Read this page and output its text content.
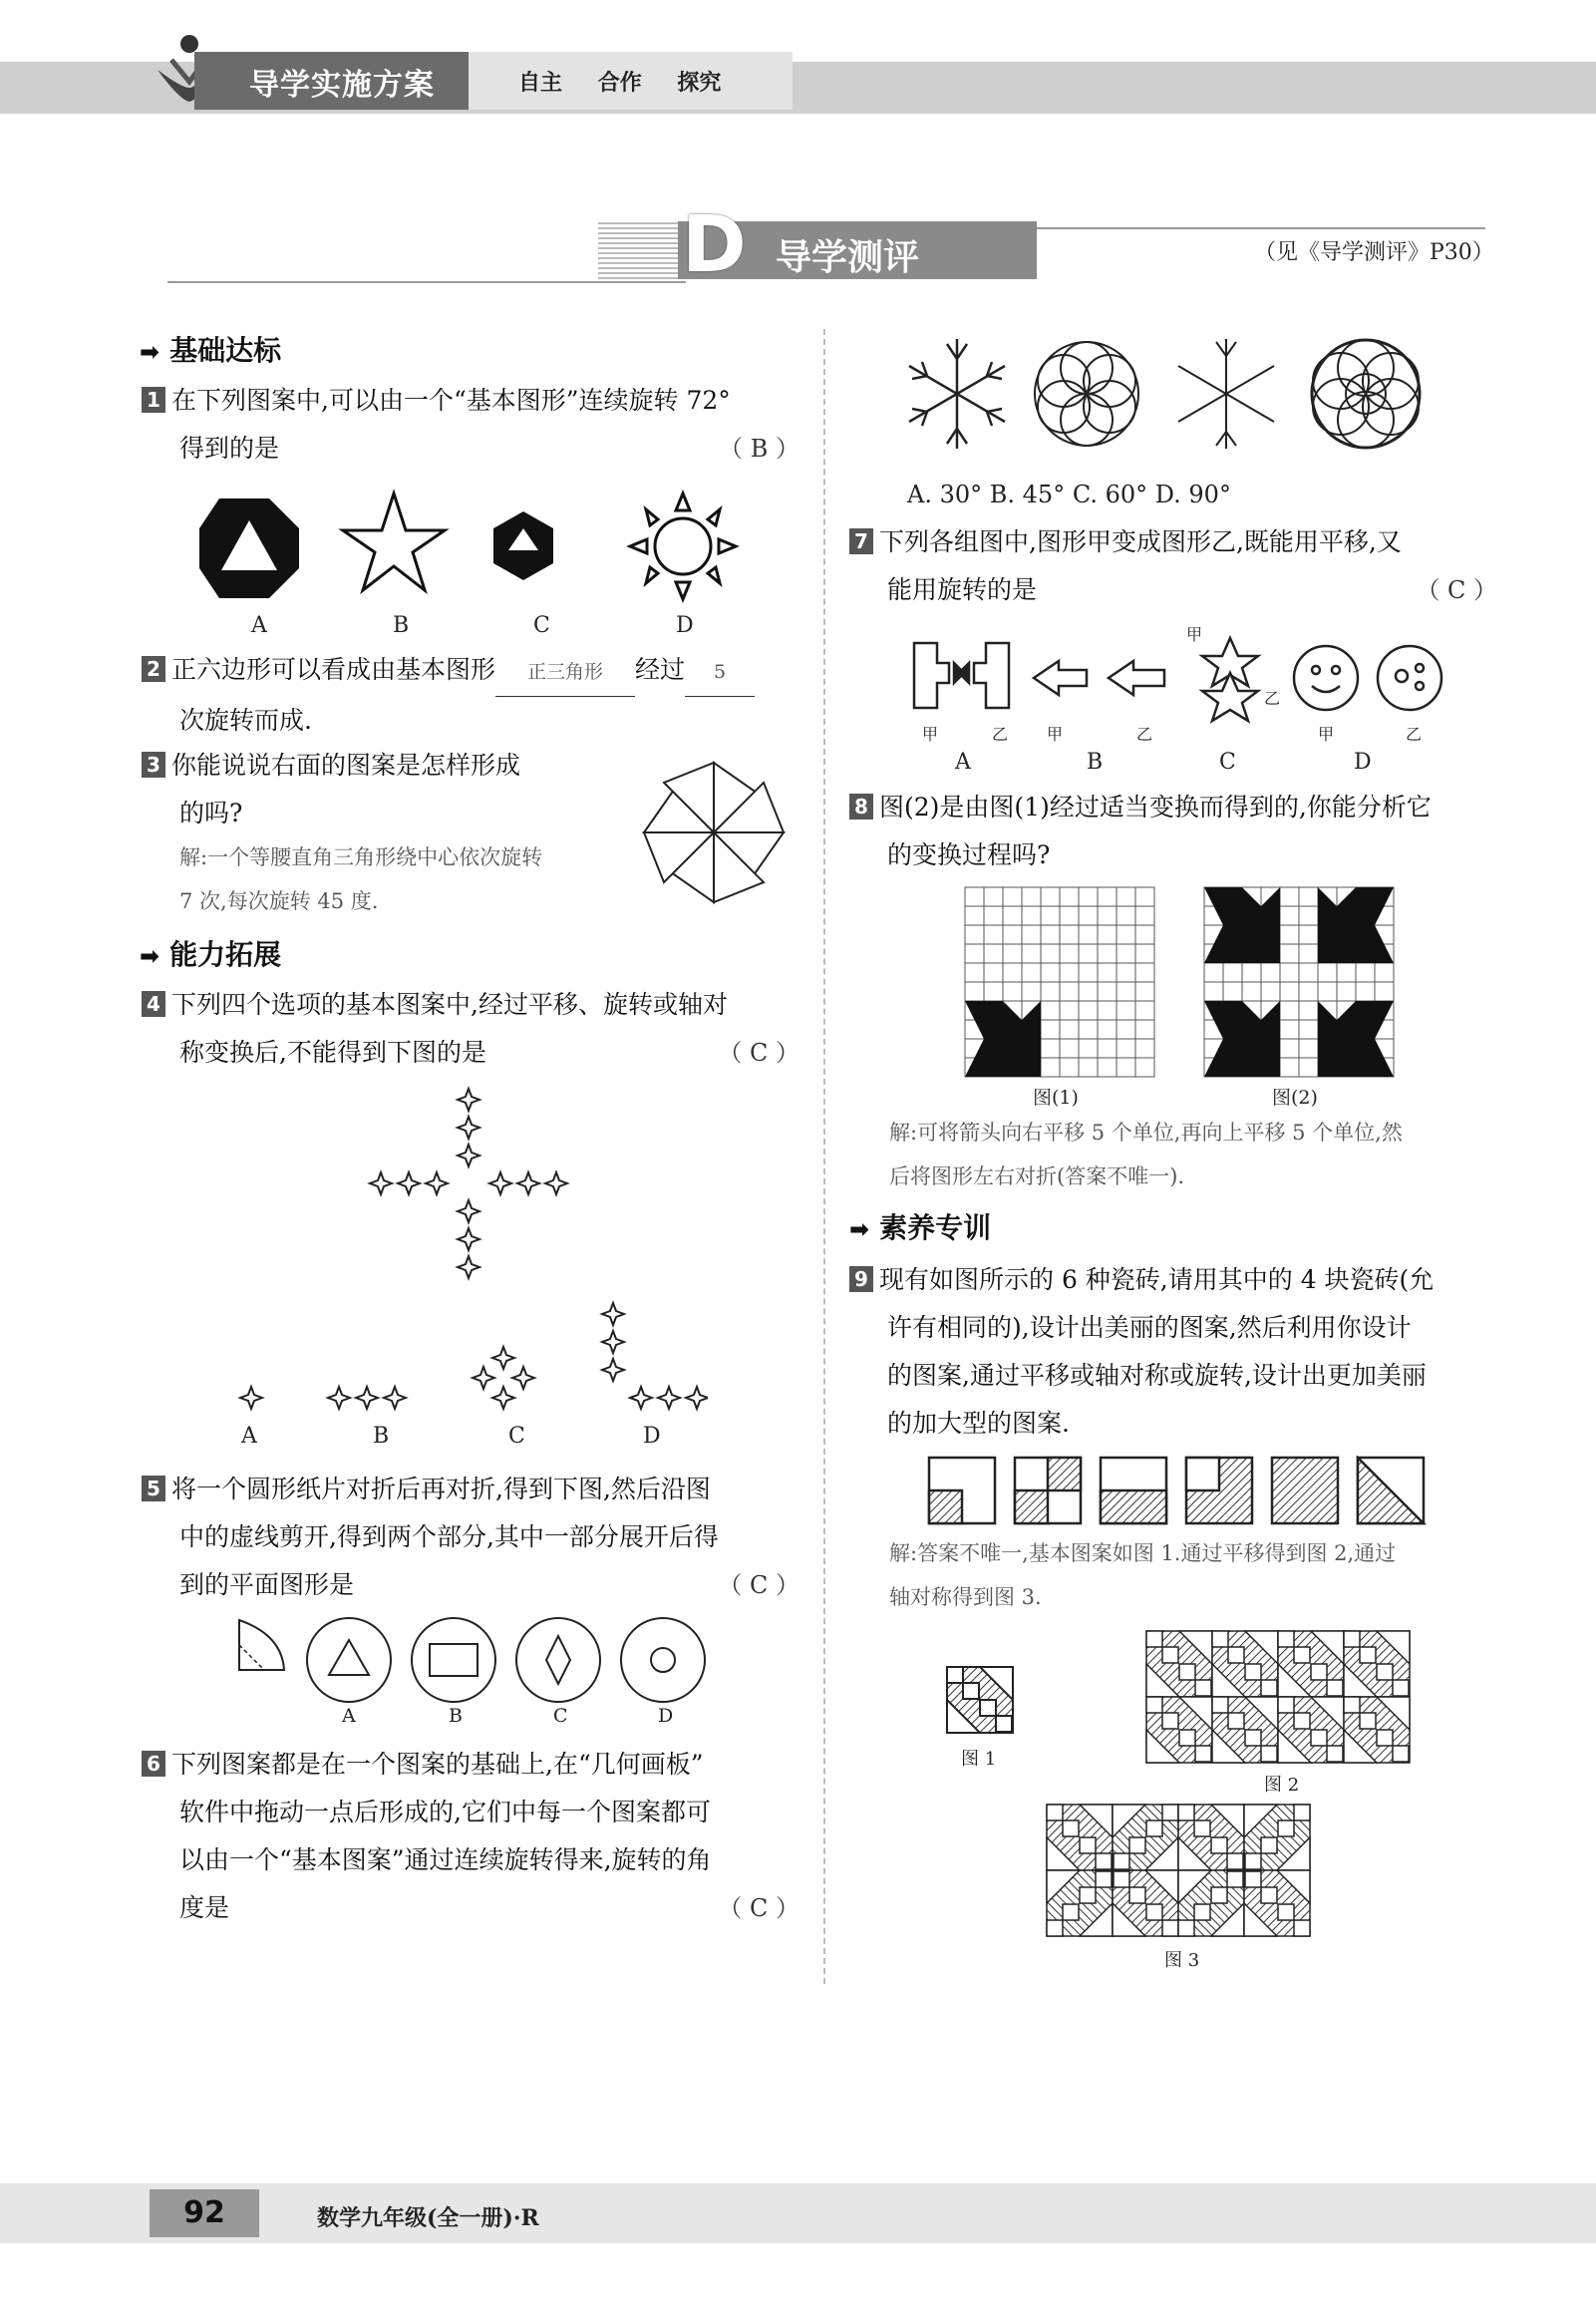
导学实施方案	自主 合作 探究
D 导学测评	（见《导学测评》P30）
➡ 基础达标
1 在下列图案中,可以由一个“基本图形”连续旋转 72°
得到的是	（ B ）
A	B	C	D
2 正六边形可以看成由基本图形 正三角形 经过 5
次旋转而成.
3 你能说说右面的图案是怎样形成
的吗?
解:一个等腰直角三角形绕中心依次旋转
7 次,每次旋转 45 度.
➡ 能力拓展
4 下列四个选项的基本图案中,经过平移、旋转或轴对
称变换后,不能得到下图的是	（ C ）
A	B	C	D
5 将一个圆形纸片对折后再对折,得到下图,然后沿图
中的虚线剪开,得到两个部分,其中一部分展开后得
到的平面图形是	（ C ）
A	B	C	D
6 下列图案都是在一个图案的基础上,在“几何画板”
软件中拖动一点后形成的,它们中每一个图案都可
以由一个“基本图案”通过连续旋转得来,旋转的角
度是	（ C ）
A. 30° B. 45° C. 60° D. 90°
7 下列各组图中,图形甲变成图形乙,既能用平移,又
能用旋转的是	（ C ）
甲
乙
甲	乙 甲	乙	甲	乙
A	B	C	D
8 图(2)是由图(1)经过适当变换而得到的,你能分析它
的变换过程吗?
图(1)	图(2)
解:可将箭头向右平移 5 个单位,再向上平移 5 个单位,然
后将图形左右对折(答案不唯一).
➡ 素养专训
9 现有如图所示的 6 种瓷砖,请用其中的 4 块瓷砖(允
许有相同的),设计出美丽的图案,然后利用你设计
的图案,通过平移或轴对称或旋转,设计出更加美丽
的加大型的图案.
解:答案不唯一,基本图案如图 1.通过平移得到图 2,通过
轴对称得到图 3.
图 1
图 2
图 3
92	数学九年级(全一册)·R
